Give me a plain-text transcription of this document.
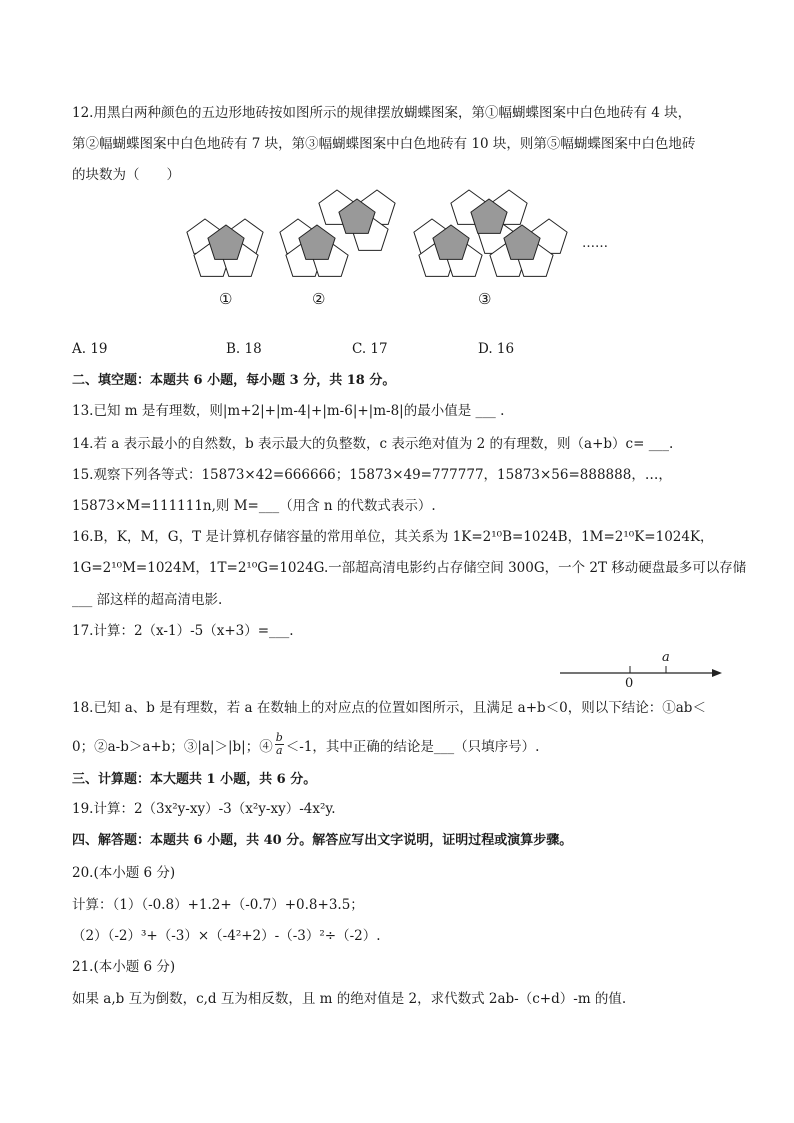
12.用黑白两种颜色的五边形地砖按如图所示的规律摆放蝴蝶图案，第①幅蝴蝶图案中白色地砖有 4 块，
第②幅蝴蝶图案中白色地砖有 7 块，第③幅蝴蝶图案中白色地砖有 10 块，则第⑤幅蝴蝶图案中白色地砖
的块数为（　　）
①	②	③
……
A. 19	B. 18	C. 17	D. 16
二、填空题：本题共 6 小题，每小题 3 分，共 18 分。
13.已知 m 是有理数，则|m+2|+|m-4|+|m-6|+|m-8|的最小值是 ___ .
14.若 a 表示最小的自然数，b 表示最大的负整数，c 表示绝对值为 2 的有理数，则（a+b）c= ___.
15.观察下列各等式：15873×42=666666；15873×49=777777，15873×56=888888，…，
15873×M=111111n,则 M=___（用含 n 的代数式表示）.
16.B，K，M，G，T 是计算机存储容量的常用单位，其关系为 1K=2¹⁰B=1024B，1M=2¹⁰K=1024K，
1G=2¹⁰M=1024M，1T=2¹⁰G=1024G.一部超高清电影约占存储空间 300G，一个 2T 移动硬盘最多可以存储
___ 部这样的超高清电影.
17.计算：2（x-1）-5（x+3）=___.
0
a
18.已知 a、b 是有理数，若 a 在数轴上的对应点的位置如图所示，且满足 a+b＜0，则以下结论：①ab＜
0；②a-b＞a+b；③|a|＞|b|；④ $\frac{b}{a} <-1$，其中正确的结论是___（只填序号）.
三、计算题：本大题共 1 小题，共 6 分。
19.计算：2（3x²y-xy）-3（x²y-xy）-4x²y.
四、解答题：本题共 6 小题，共 40 分。解答应写出文字说明，证明过程或演算步骤。
20.(本小题 6 分)
计算：（1）（-0.8）+1.2+（-0.7）+0.8+3.5；
（2）（-2）³+（-3）×（-4²+2）-（-3）²÷（-2）.
21.(本小题 6 分)
如果 a,b 互为倒数，c,d 互为相反数，且 m 的绝对值是 2，求代数式 2ab-（c+d）-m 的值.
